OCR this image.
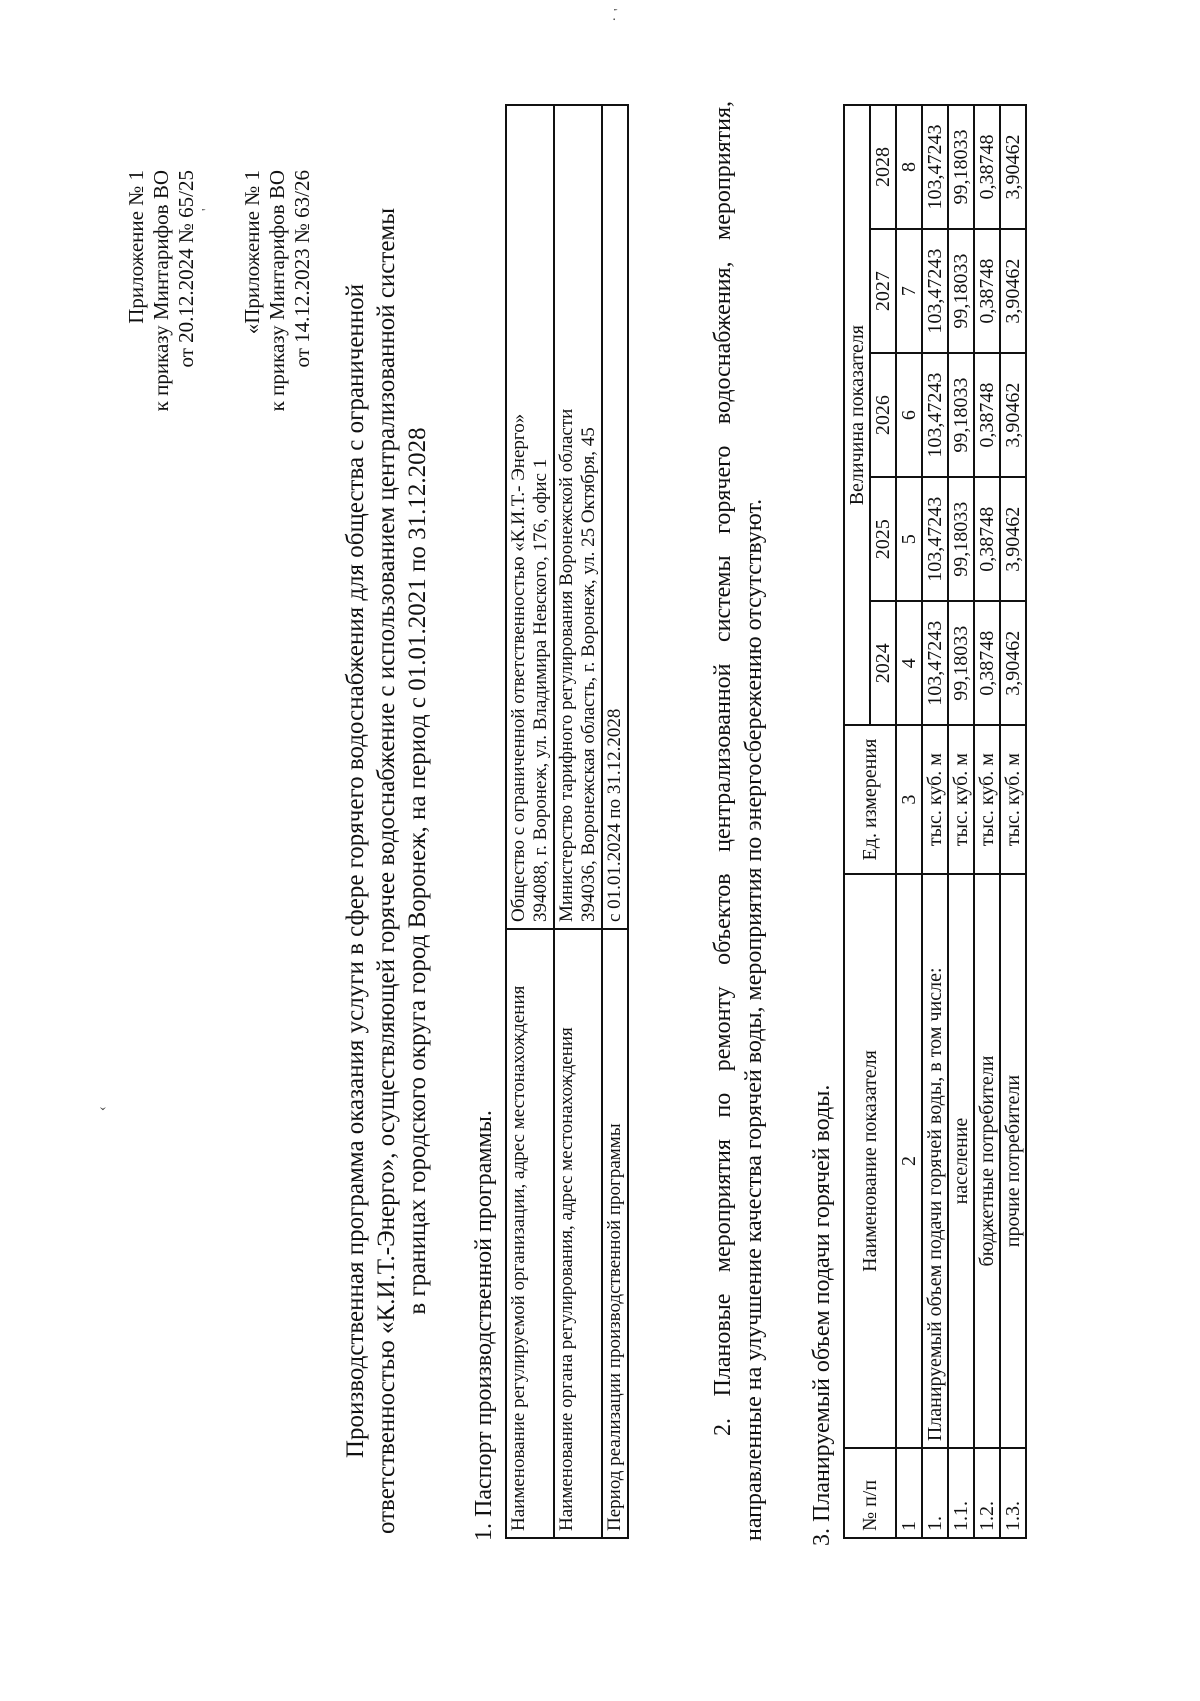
.
'
'
‹
Приложение № 1 к приказу Минтарифов ВО от 20.12.2024 № 65/25 «Приложение № 1 к приказу Минтарифов ВО от 14.12.2023 № 63/26
Производственная программа оказания услуги в сфере горячего водоснабжения для общества с ограниченной ответственностью «К.И.Т.-Энерго», осуществляющей горячее водоснабжение с использованием централизованной системы в границах городского округа город Воронеж, на период с 01.01.2021 по 31.12.2028
1. Паспорт производственной программы. Наименование регулируемой организации, адрес местонахождения	Общество с ограниченной ответственностью «К.И.Т.- Энерго» 394088, г. Воронеж, ул. Владимира Невского, 176, офис 1

Наименование органа регулирования, адрес местонахождения	Министерство тарифного регулирования Воронежской области 394036, Воронежская область, г. Воронеж, ул. 25 Октября, 45

Период реализации производственной программы	с 01.01.2024 по 31.12.2028	2. Плановые мероприятия по ремонту объектов централизованной системы горячего водоснабжения, мероприятия, направленные на улучшение качества горячей воды, мероприятия по энергосбережению отсутствуют. 3. Планируемый объем подачи горячей воды. № п/п	Наименование показателя	Ед. измерения	Величина показателя				
			2024	2025	2026	2027	2028
1	2	3	4	5	6	7	8
1.	Планируемый объем подачи горячей воды, в том числе:	тыс. куб. м	103,47243	103,47243	103,47243	103,47243	103,47243
1.1.	население	тыс. куб. м	99,18033	99,18033	99,18033	99,18033	99,18033
1.2.	бюджетные потребители	тыс. куб. м	0,38748	0,38748	0,38748	0,38748	0,38748
1.3.	прочие потребители	тыс. куб. м	3,90462	3,90462	3,90462	3,90462	3,90462
